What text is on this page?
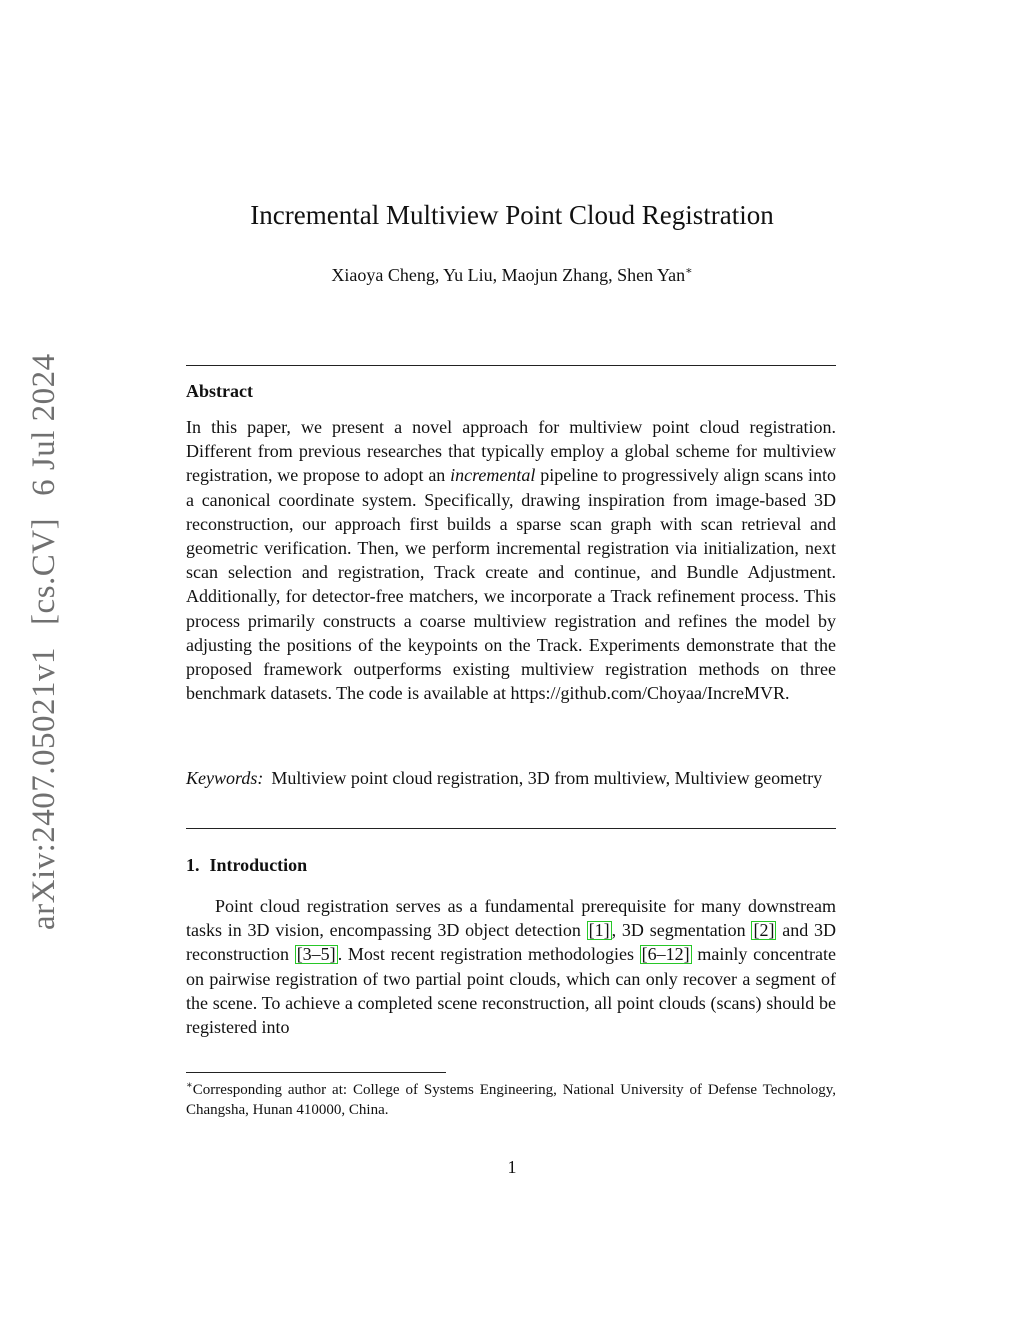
arXiv:2407.05021v1[cs.CV]6 Jul 2024
Incremental Multiview Point Cloud Registration
Xiaoya Cheng, Yu Liu, Maojun Zhang, Shen Yan∗
Abstract
In this paper, we present a novel approach for multiview point cloud registration. Different from previous researches that typically employ a global scheme for multiview registration, we propose to adopt an incremental pipeline to progressively align scans into a canonical coordinate system. Specifically, drawing inspiration from image-based 3D reconstruction, our approach first builds a sparse scan graph with scan retrieval and geometric verification. Then, we perform incremental registration via initialization, next scan selection and registration, Track create and continue, and Bundle Adjustment. Additionally, for detector-free matchers, we incorporate a Track refinement process. This process primarily constructs a coarse multiview registration and refines the model by adjusting the positions of the keypoints on the Track. Experiments demonstrate that the proposed framework outperforms existing multiview registration methods on three benchmark datasets. The code is available at https://github.com/Choyaa/IncreMVR.
Keywords: Multiview point cloud registration, 3D from multiview, Multiview geometry
1. Introduction
Point cloud registration serves as a fundamental prerequisite for many downstream tasks in 3D vision, encompassing 3D object detection [1] , 3D segmentation [2] and 3D reconstruction [3–5] . Most recent registration methodologies [6–12] mainly concentrate on pairwise registration of two partial point clouds, which can only recover a segment of the scene. To achieve a completed scene reconstruction, all point clouds (scans) should be registered into
∗Corresponding author at: College of Systems Engineering, National University of Defense Technology, Changsha, Hunan 410000, China.
1
